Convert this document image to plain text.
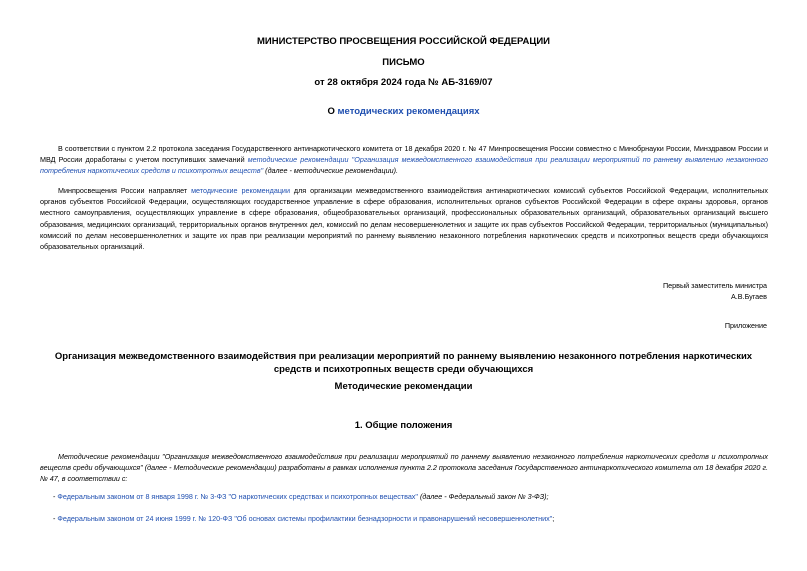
МИНИСТЕРСТВО ПРОСВЕЩЕНИЯ РОССИЙСКОЙ ФЕДЕРАЦИИ
ПИСЬМО
от 28 октября 2024 года № АБ-3169/07
О методических рекомендациях
В соответствии с пунктом 2.2 протокола заседания Государственного антинаркотического комитета от 18 декабря 2020 г. № 47 Минпросвещения России совместно с Минобрнауки России, Минздравом России и МВД России доработаны с учетом поступивших замечаний методические рекомендации "Организация межведомственного взаимодействия при реализации мероприятий по раннему выявлению незаконного потребления наркотических средств и психотропных веществ" (далее - методические рекомендации).
Минпросвещения России направляет методические рекомендации для организации межведомственного взаимодействия антинаркотических комиссий субъектов Российской Федерации, исполнительных органов субъектов Российской Федерации, осуществляющих государственное управление в сфере образования, исполнительных органов субъектов Российской Федерации в сфере охраны здоровья, органов местного самоуправления, осуществляющих управление в сфере образования, общеобразовательных организаций, профессиональных образовательных организаций, образовательных организаций высшего образования, медицинских организаций, территориальных органов внутренних дел, комиссий по делам несовершеннолетних и защите их прав субъектов Российской Федерации, территориальных (муниципальных) комиссий по делам несовершеннолетних и защите их прав при реализации мероприятий по раннему выявлению незаконного потребления наркотических средств и психотропных веществ среди обучающихся образовательных организаций.
Первый заместитель министра
А.В.Бугаев
Приложение
Организация межведомственного взаимодействия при реализации мероприятий по раннему выявлению незаконного потребления наркотических средств и психотропных веществ среди обучающихся
Методические рекомендации
1. Общие положения
Методические рекомендации "Организация межведомственного взаимодействия при реализации мероприятий по раннему выявлению незаконного потребления наркотических средств и психотропных веществ среди обучающихся" (далее - Методические рекомендации) разработаны в рамках исполнения пункта 2.2 протокола заседания Государственного антинаркотического комитета от 18 декабря 2020 г. № 47, в соответствии с:
- Федеральным законом от 8 января 1998 г. № 3-ФЗ "О наркотических средствах и психотропных веществах" (далее - Федеральный закон № 3-ФЗ);
- Федеральным законом от 24 июня 1999 г. № 120-ФЗ "Об основах системы профилактики безнадзорности и правонарушений несовершеннолетних";
